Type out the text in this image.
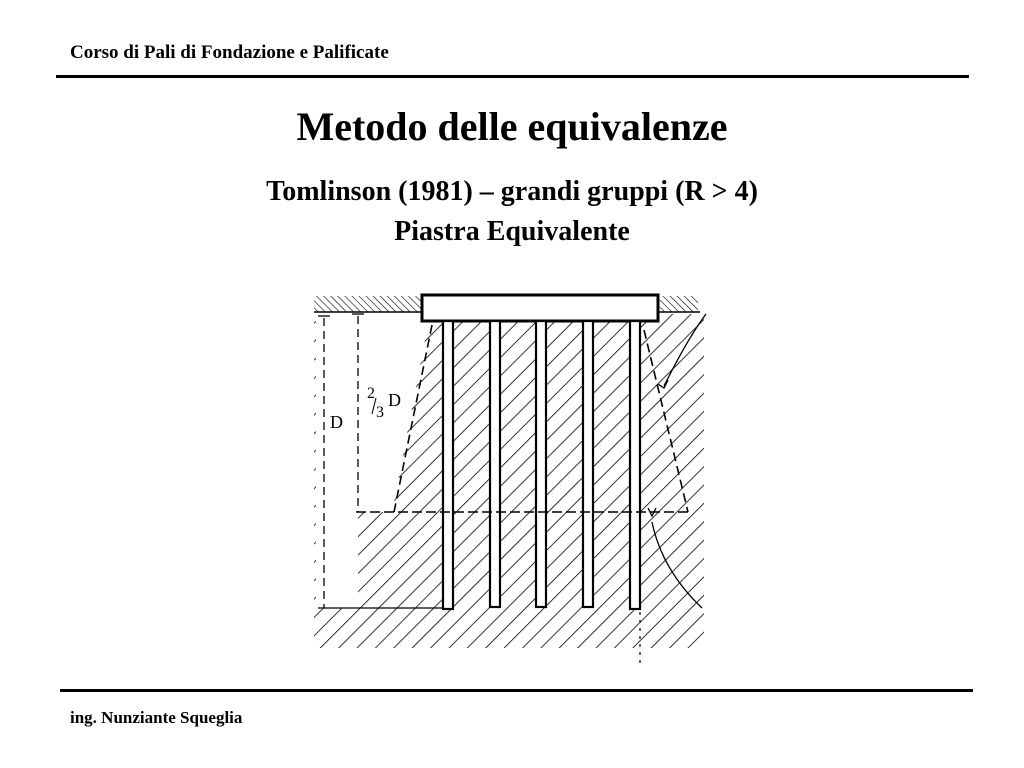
Corso di Pali di Fondazione e Palificate
Metodo delle equivalenze
Tomlinson (1981) – grandi gruppi (R > 4)
Piastra Equivalente
D
2
3
D
ing. Nunziante Squeglia
